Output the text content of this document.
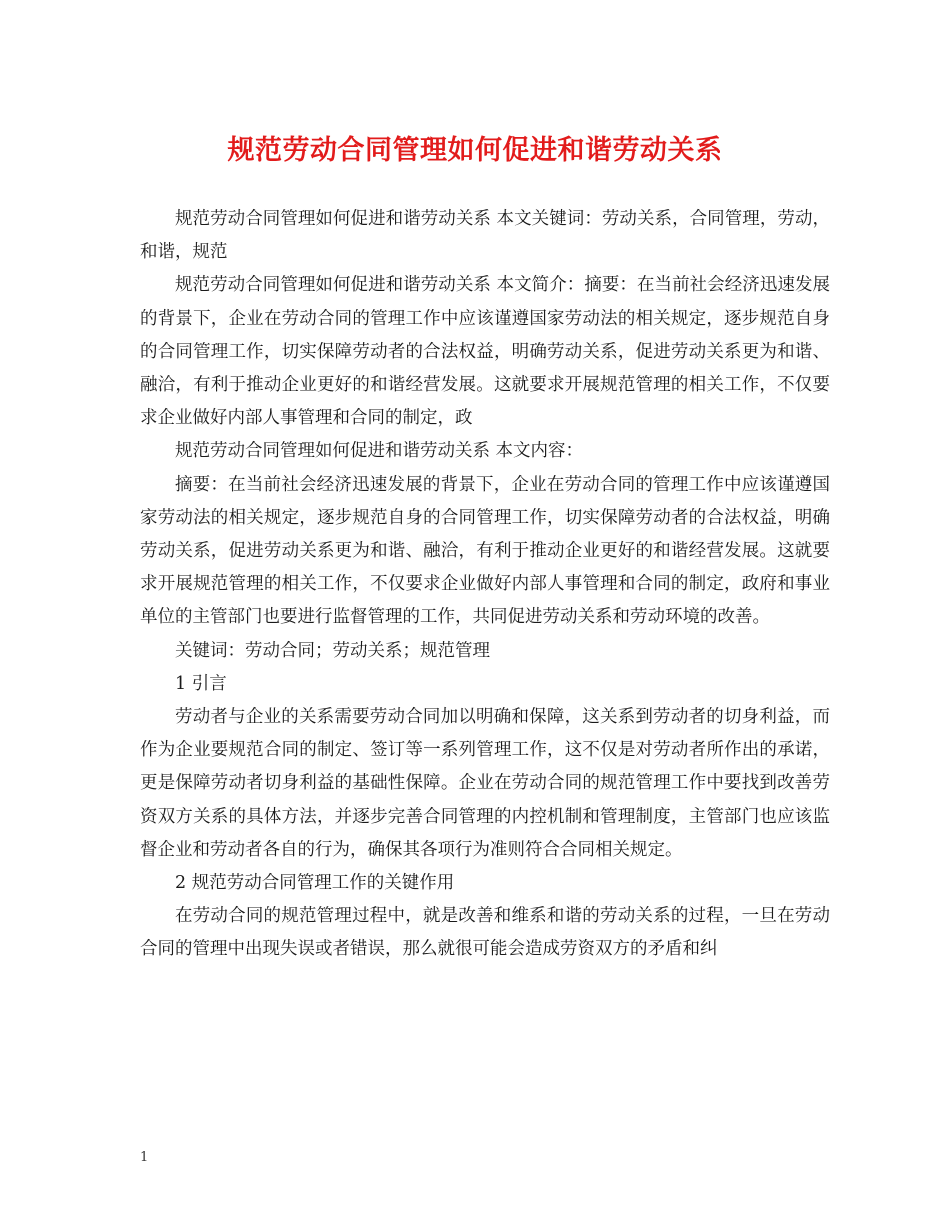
规范劳动合同管理如何促进和谐劳动关系

规范劳动合同管理如何促进和谐劳动关系 本文关键词：劳动关系，合同管理，劳动，和谐，规范

规范劳动合同管理如何促进和谐劳动关系 本文简介：摘要：在当前社会经济迅速发展的背景下，企业在劳动合同的管理工作中应该谨遵国家劳动法的相关规定，逐步规范自身的合同管理工作，切实保障劳动者的合法权益，明确劳动关系，促进劳动关系更为和谐、融洽，有利于推动企业更好的和谐经营发展。这就要求开展规范管理的相关工作，不仅要求企业做好内部人事管理和合同的制定，政

规范劳动合同管理如何促进和谐劳动关系 本文内容：

摘要：在当前社会经济迅速发展的背景下，企业在劳动合同的管理工作中应该谨遵国家劳动法的相关规定，逐步规范自身的合同管理工作，切实保障劳动者的合法权益，明确劳动关系，促进劳动关系更为和谐、融洽，有利于推动企业更好的和谐经营发展。这就要求开展规范管理的相关工作，不仅要求企业做好内部人事管理和合同的制定，政府和事业单位的主管部门也要进行监督管理的工作，共同促进劳动关系和劳动环境的改善。

关键词：劳动合同；劳动关系；规范管理

1 引言

劳动者与企业的关系需要劳动合同加以明确和保障，这关系到劳动者的切身利益，而作为企业要规范合同的制定、签订等一系列管理工作，这不仅是对劳动者所作出的承诺，更是保障劳动者切身利益的基础性保障。企业在劳动合同的规范管理工作中要找到改善劳资双方关系的具体方法，并逐步完善合同管理的内控机制和管理制度，主管部门也应该监督企业和劳动者各自的行为，确保其各项行为准则符合合同相关规定。

2 规范劳动合同管理工作的关键作用

在劳动合同的规范管理过程中，就是改善和维系和谐的劳动关系的过程，一旦在劳动合同的管理中出现失误或者错误，那么就很可能会造成劳资双方的矛盾和纠

1
